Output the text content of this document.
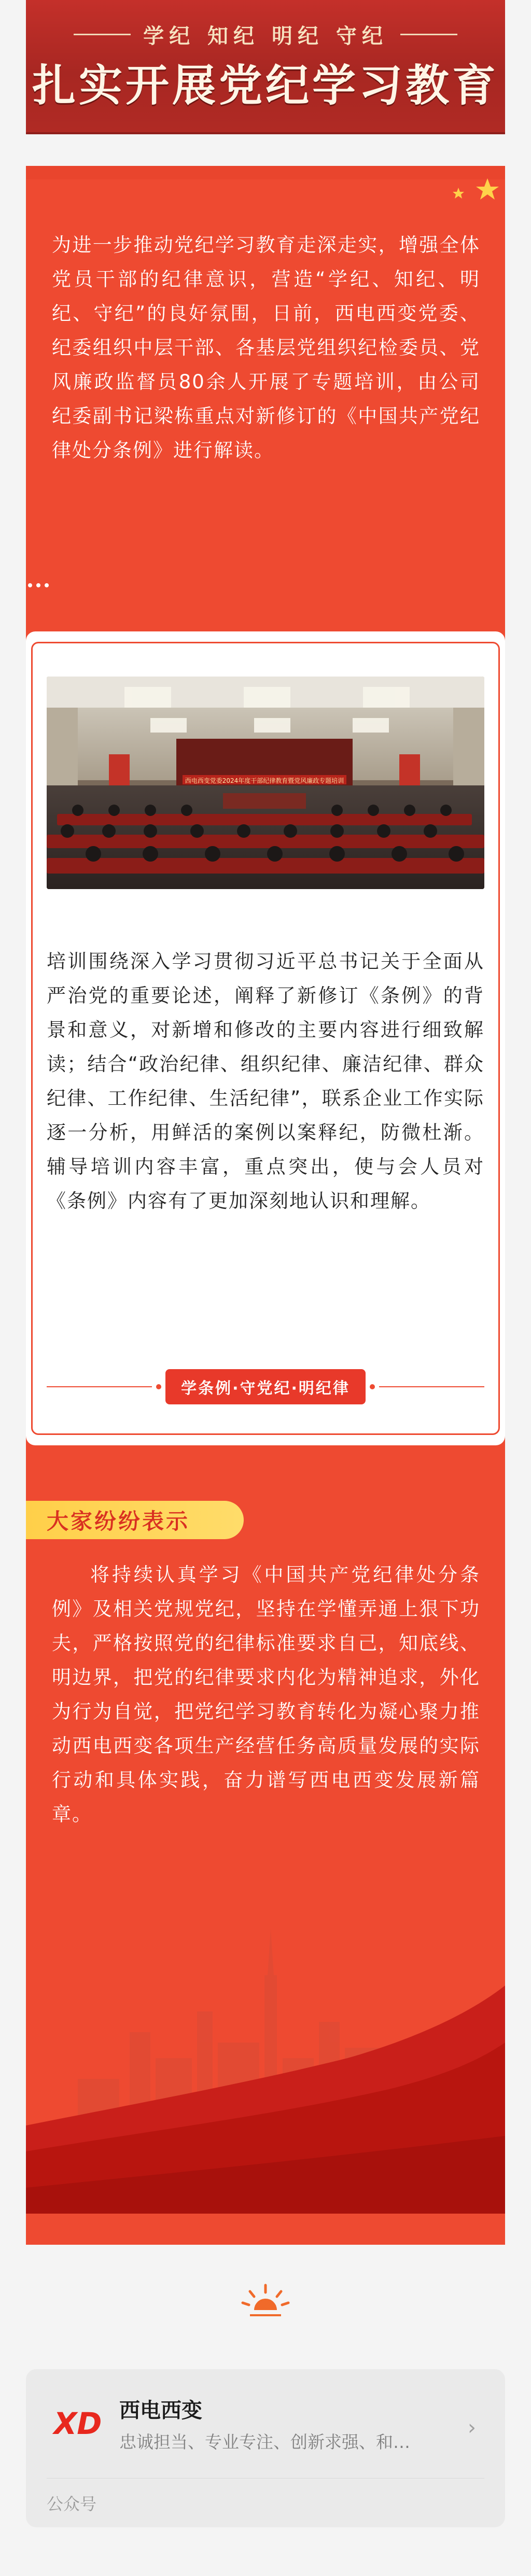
学纪 知纪 明纪 守纪
扎实开展党纪学习教育

为进一步推动党纪学习教育走深走实，增强全体党员干部的纪律意识，营造“学纪、知纪、明纪、守纪”的良好氛围，日前，西电西变党委、纪委组织中层干部、各基层党组织纪检委员、党风廉政监督员80余人开展了专题培训，由公司纪委副书记梁栋重点对新修订的《中国共产党纪律处分条例》进行解读。

西电西变党委2024年度干部纪律教育暨党风廉政专题培训

培训围绕深入学习贯彻习近平总书记关于全面从严治党的重要论述，阐释了新修订《条例》的背景和意义，对新增和修改的主要内容进行细致解读；结合“政治纪律、组织纪律、廉洁纪律、群众纪律、工作纪律、生活纪律”，联系企业工作实际逐一分析，用鲜活的案例以案释纪，防微杜渐。辅导培训内容丰富，重点突出，使与会人员对《条例》内容有了更加深刻地认识和理解。

学条例·守党纪·明纪律
大家纷纷表示

将持续认真学习《中国共产党纪律处分条例》及相关党规党纪，坚持在学懂弄通上狠下功夫，严格按照党的纪律标准要求自己，知底线、明边界，把党的纪律要求内化为精神追求，外化为行为自觉，把党纪学习教育转化为凝心聚力推动西电西变各项生产经营任务高质量发展的实际行动和具体实践，奋力谱写西电西变发展新篇章。

XD 西电西变
忠诚担当、专业专注、创新求强、和…
›
公众号
